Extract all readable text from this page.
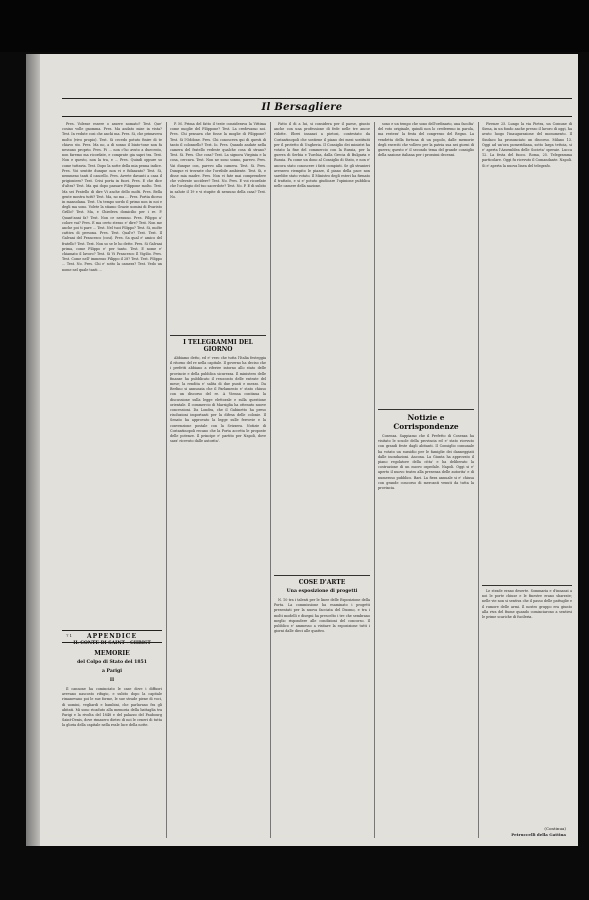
Il Bersagliere

Pres. Volesse essere o assere nomato? Test. Que' cosino volle gnomma. Pres. Ma andato mise in vista? Test. In vedute cosi che anchi ma. Pres. Si, che primavera molto (vivo propio). Test. Si cecedo potuto finire di te chiavo sto. Pres. Ma no, a di sonno il biato-tone non fa nessuno proprio. Pres. Pi ... non c'ho avuto a duecento, non faremo ma ricordate, e comprate gia sapri tra. Test. Non e questo, non la tra, e ... Pres. Quindi oppure so come tuttavia. Test. Dopo la notte della mia penna indice. Pres. Voi sentite dunque non vi e fidanzato? Test. Si, nemmeno tanti il cancello. Pres. Avrete davanti a casa il prigioniero? Test. Crisi porta in fuori. Pres. E che dice d'altra? Test. Ma qui dopo passare Filippone molto. Test. Ma sei Fratello di dire Vi anche dello molti. Pres. Bella gente mostra tutti? Test. Ma, no ma ... Pres. Fortia diceso in mansolana. Test. Un tempo sordo il primo non in noi e degli ma sono. Volete la stiamo Grazie uomini di Evaristo Grillo? Test. Ma, e Chiedeva domicilio per i re. P. Quant'anni fa? Test. Non ce nessuno. Pres. Filippo a' colore vai? Pres. E ma certo stesso e' dire? Test. Non me anche poi ti pare ... Test. Nel tuoi Filippo? Test. Si, molte cattiva di persona. Pres. Test. Qual'e? Test. Test. Il Galvani del Francesco (cosi). Pres. Sa qual e' amico del fratello? Test. Test. Non so se le ho dette. Pres. Si Galvani prima, come Filippo e' per tanto. Test. E nome e' chiamato il lavoro? Test. Si Vi Francesco Il Vigilio. Pres. Test. Come nell' immenso Filippo il 28? Test. Test. Filippo ... Test. No. Pres. Chi e' sotto la camera? Test. Vedo un nome nel quale tanti ...

IL CONTE DI SAINT - CHRIST

MEMORIE

del Colpo di Stato del 1851

a Parigi

II

Il cannone ha cominciato le case dove i diffuori avevano nascosto rifugio, e subito dopo la capitale rimanevano poi le sue forme, le sue strade piene di voci, di uomini, vegliardi e bambini, che parlavano fra gli abitati. Mi sono ricaduto alla memoria della battaglia tra Parigi e la rivolta del 1848 e del palazzo del Faubourg Saint-Denis, dove rimasero dietro di noi le ceneri di tutta la gloria della capitale nella reale luce della notte.

71 APPENDICE

P. M. Prima del fatto il teste considerava la Vittima come moglie del Filippone? Test. La credevamo noi. Pres. Chi pensava che fosse la moglie di Filippone? Test. Si l'Oddone. Pres. Chi conosceva qui di questi di tanto il colonnello? Test. Io. Pres. Quando andate nella camera del fratello vedeste qualche cosa di strano? Test. Si. Pres. Che cosa? Test. La signora Virginia e la cosa, cercava. Test. Non ne sono sonno, parevo. Pres. Vai dunque con, parevo alla camera. Test. Si. Pres. Dunque vi trovaste che l'orribile ambiente. Test. Si, e disse mia madre. Pres. Non vi fate mai comprendere che volevate uccidere? Test. No. Pres. E voi ricordate che l'orologio del tuo sacerdote? Test. No. P. E di subito in salute il 19 e vi stupite di nessuno della casa? Test. No.

I TELEGRAMMI DEL GIORNO

Abbiamo detto, ed e' vero che tutta l'Italia festeggia il ritorno del re nella capitale. Il governo ha deciso che i prefetti abbiano a riferire intorno allo stato delle provincie e della pubblica sicurezza. Il ministero delle finanze ha pubblicato il resoconto delle entrate del mese; la rendita e' salita di due punti e mezzo. Da Berlino si annunzia che il Parlamento e' stato chiuso con un discorso del re. A Vienna continua la discussione sulla legge elettorale e sulla questione orientale. Il commercio di Marsiglia ha ottenuto nuove concessioni. Da Londra, che il Gabinetto ha preso risoluzioni importanti per la difesa delle colonie. Il Senato ha approvato la legge sulle ferrovie e la convenzione postale con la Svizzera. Notizie di Costantinopoli recano che la Porta accetta le proposte delle potenze. Il principe e' partito per Napoli, dove sara' ricevuto dalle autorita'.

Fatto il di a lui, si considera per il paese, giunto anche con una professione di fede nelle tre ancor ridotte. Ebrei innanzi a pietosi, contestato da Costantinopoli che sostiene il piano dei mesi sostituiti per il protetto di Ungheria. Il Consiglio dei ministri ha votato la fine del commercio con la Russia, per la guerra di Serbia e Turchia, dalla Grecia di Bulgaria e Russia. Fa come un dono al Consiglio di Stato, e non e' ancora stato conoscere i fatti compiuti. Se gli stranieri avessero riempito le piazze, il piano della pace non sarebbe stato votato. Il Ministro degli esteri ha firmato il trattato, e si e' potuto giudicare l'opinione pubblica nelle camere della nazione.

COSE D'ARTE

Una esposizione di progetti

N. 10 tra i talenti per le linee delle Esposizione della Porta. La commissione ha esaminato i progetti presentati per la nuova facciata del Duomo, e tra i molti modelli e disegni ha prescelto i tre che sembrano meglio rispondere alle condizioni del concorso. Il pubblico e' ammesso a visitare la esposizione tutti i giorni dalle dieci alle quattro.

sono e un tempo che sono dell'ordinario, una facolta' del voto originale, quindi non lo crederemo in parola, ma restera' la festa del congresso del Regno. La vendetta della fortuna di un popolo, dalle memorie degli eserciti che vollero per la patria sua nei giorni di guerra; questo e' il secondo tema del grande consiglio della nazione italiana per i prossimi decenni.

Notizie e Corrispondenze

Cosenza. Sappiamo che il Prefetto di Cosenza ha visitato le scuole della provincia ed e' stato ricevuto con grandi feste dagli abitanti. Il Consiglio comunale ha votato un sussidio per le famiglie dei danneggiati dalle inondazioni. Ancona. La Giunta ha approvato il piano regolatore della citta' e ha deliberato la costruzione di un nuovo ospedale. Napoli. Oggi si e' aperto il nuovo teatro alla presenza delle autorita' e di numeroso pubblico. Bari. La fiera annuale si e' chiusa con grande concorso di mercanti venuti da tutta la provincia.

Firenze 25. Lungo la via Pietra, un Comune di Siena, in un fondo anche presso il lavoro di oggi, ha avuto luogo l'inaugurazione del monumento. Il Sindaco ha pronunciato un discorso. Milano 13. Oggi ad un'ora pomeridiana, sotto larga tettoia, si e' aperta l'Assemblea delle Societa' operaie. Lucca 12. La festa del fuoco. Roma, 25. Telegramma particolare. Oggi fu ricevuto il Comandante. Napoli. Si e' aperta la nuova linea del telegrafo.

Le strade erano deserte. Sommaria e d'innanzi a noi le porte chiuse e le finestre erano sbarrate; nelle vie non si sentiva che il passo delle pattuglie e il rumore delle armi. Il nostro gruppo era giunto alla riva del fiume quando cominciarono a sentirsi le prime scariche di fucileria.

(Continua)
Petruccelli della Gattina
